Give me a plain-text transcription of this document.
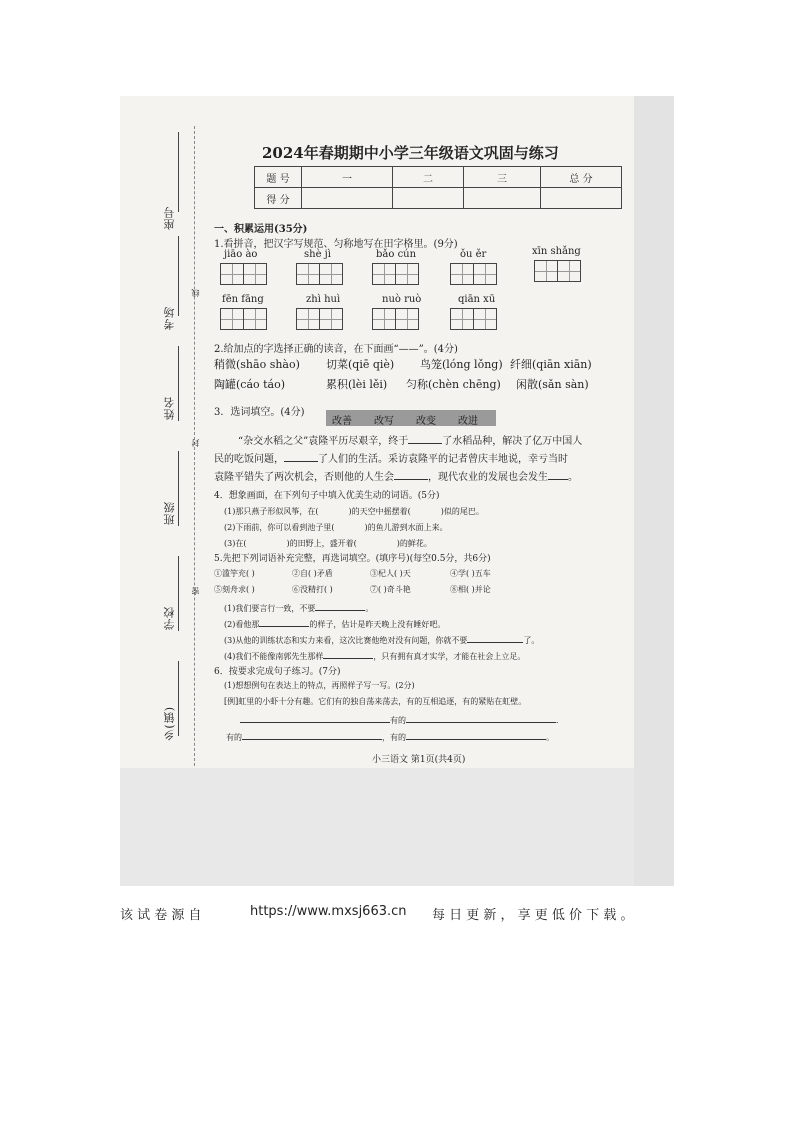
座号
考场
姓名
班级
学校
乡(镇)
线
封
密
2024年春期期中小学三年级语文巩固与练习
题 号	一	二	三	总 分
得 分				
一、积累运用(35分)
1.看拼音，把汉字写规范、匀称地写在田字格里。(9分)
jiāo ào	shè jì	bǎo cún	ǒu ěr	xīn shǎng
fēn fāng	zhì huì	nuò ruò	qiān xū
2.给加点的字选择正确的读音，在下面画“——”。(4分)
稍微(shāo shào) 切菜(qiē qiè) 鸟笼(lóng lǒng) 纤细(qiān xiān)
陶罐(cáo táo)	累积(lèi lěi) 匀称(chèn chēng) 闲散(sǎn sàn)
3．选词填空。(4分)
改善 改写 改变 改进
“杂交水稻之父”袁隆平历尽艰辛，终于	了水稻品种，解决了亿万中国人
民的吃饭问题，	了人们的生活。采访袁隆平的记者曾庆丰地说，幸亏当时
袁隆平错失了两次机会，否则他的人生会	，现代农业的发展也会发生 。
4．想象画面，在下列句子中填入优美生动的词语。(5分)
(1)那只燕子形似风筝，在(	)的天空中摇摆着(	)似的尾巴。
(2)下雨前，你可以看到池子里(	)的鱼儿游到水面上来。
(3)在(	)的田野上，盛开着(	)的鲜花。
5.先把下列词语补充完整，再选词填空。(填序号)(每空0.5分，共6分)
①滥竽充( )	②自( )矛盾	③杞人( )天	④学( )五车
⑤刻舟求( )	⑥没精打( )	⑦( )奇斗艳	⑧相( )并论
(1)我们要言行一致，不要	。
(2)看他那	的样子，估计是昨天晚上没有睡好吧。
(3)从他的训练状态和实力来看，这次比赛他绝对没有问题，你就不要	了。
(4)我们不能像南郭先生那样	，只有拥有真才实学，才能在社会上立足。
6．按要求完成句子练习。(7分)
(1)想想例句在表达上的特点，再照样子写一写。(2分)
[例]虹里的小虾十分有趣。它们有的独自荡来荡去，有的互相追逐，有的紧贴在虹壁。
有的	．
有的	，有的	。
小三语文 第1页(共4页)
该 试 卷 源 自	https://www.mxsj663.cn 每 日 更 新 ， 享 更 低 价 下 载 。
